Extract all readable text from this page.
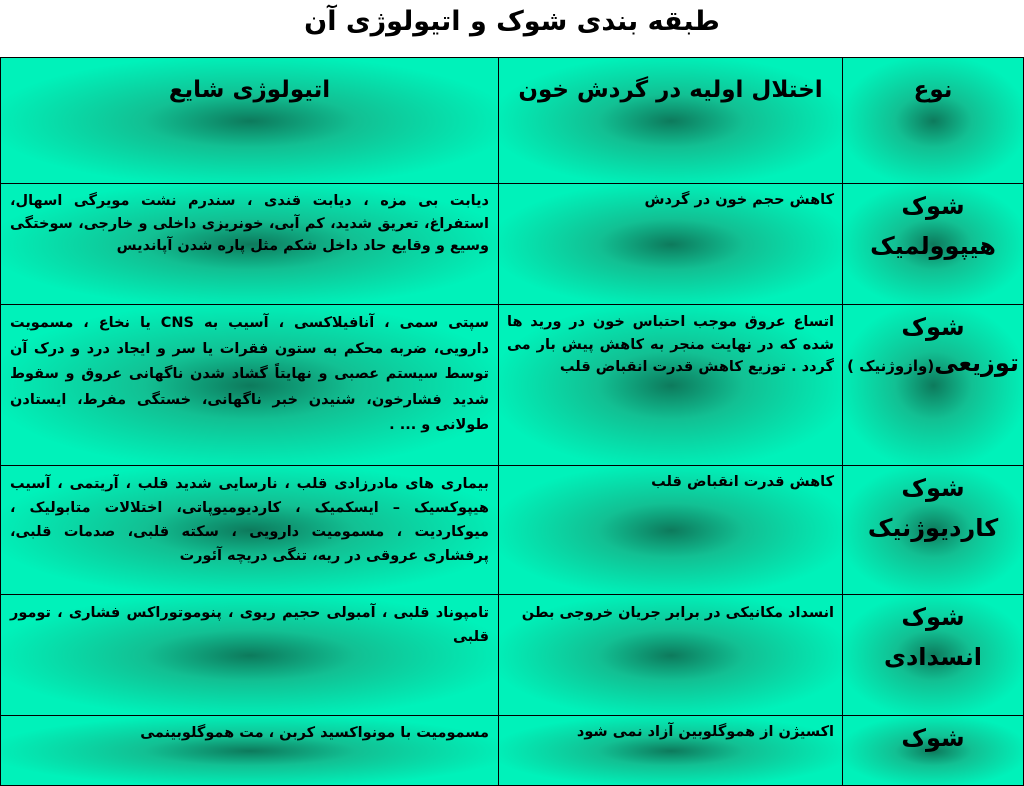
طبقه بندی شوک و اتیولوژی آن
نوع	اختلال اولیه در گردش خون	اتیولوژی شایع

شوک
هیپوولمیک	کاهش حجم خون در گردش	دیابت بی مزه ، دیابت قندی ، سندرم نشت مویرگی اسهال، استفراغ، تعریق شدید، کم آبی، خونریزی داخلی و خارجی، سوختگی وسیع و وقایع حاد داخل شکم مثل پاره شدن آپاندیس

شوک
توزیعی(وازوژنیک )	اتساع عروق موجب احتباس خون در ورید ها شده که در نهایت منجر به کاهش پیش بار می گردد . توزیع کاهش قدرت انقباض قلب	سپتی سمی ، آنافیلاکسی ، آسیب به CNS یا نخاع ، مسمویت دارویی، ضربه محکم به ستون فقرات یا سر و ایجاد درد و درک آن توسط سیستم عصبی و نهایتاً گشاد شدن ناگهانی عروق و سقوط شدید فشارخون، شنیدن خبر ناگهانی، خستگی مفرط، ایستادن طولانی و ... .

شوک
کاردیوژنیک	کاهش قدرت انقباض قلب	بیماری های مادرزادی قلب ، نارسایی شدید قلب ، آریتمی ، آسیب هیپوکسیک – ایسکمیک ، کاردیومیوپاتی، اختلالات متابولیک ، میوکاردیت ، مسمومیت دارویی ، سکته قلبی، صدمات قلبی، پرفشاری عروقی در ریه، تنگی دریچه آئورت

شوک
انسدادی	انسداد مکانیکی در برابر جریان خروجی بطن	تامپوناد قلبی ، آمبولی حجیم ریوی ، پنوموتوراکس فشاری ، تومور قلبی

شوک	اکسیژن از هموگلوبین آزاد نمی شود	مسمومیت با مونواکسید کربن ، مت هموگلوبینمی
